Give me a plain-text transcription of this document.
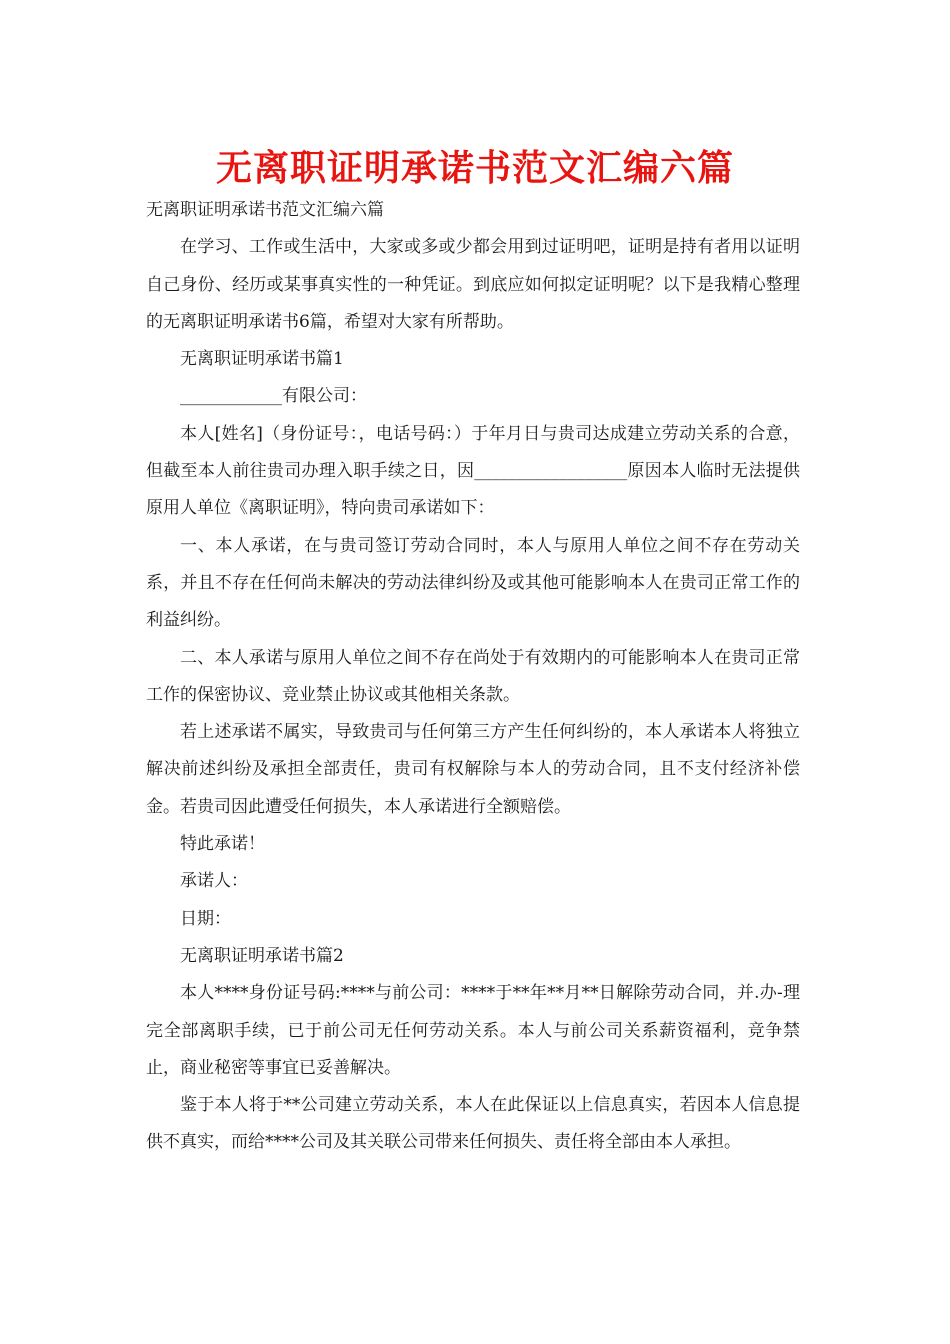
无离职证明承诺书范文汇编六篇

无离职证明承诺书范文汇编六篇

在学习、工作或生活中，大家或多或少都会用到过证明吧，证明是持有者用以证明自己身份、经历或某事真实性的一种凭证。到底应如何拟定证明呢？以下是我精心整理的无离职证明承诺书6篇，希望对大家有所帮助。

无离职证明承诺书篇1

____________有限公司：

本人[姓名]（身份证号：，电话号码：）于年月日与贵司达成建立劳动关系的合意，但截至本人前往贵司办理入职手续之日，因__________________原因本人临时无法提供原用人单位《离职证明》，特向贵司承诺如下：

一、本人承诺，在与贵司签订劳动合同时，本人与原用人单位之间不存在劳动关系，并且不存在任何尚未解决的劳动法律纠纷及或其他可能影响本人在贵司正常工作的利益纠纷。

二、本人承诺与原用人单位之间不存在尚处于有效期内的可能影响本人在贵司正常工作的保密协议、竞业禁止协议或其他相关条款。

若上述承诺不属实，导致贵司与任何第三方产生任何纠纷的，本人承诺本人将独立解决前述纠纷及承担全部责任，贵司有权解除与本人的劳动合同，且不支付经济补偿金。若贵司因此遭受任何损失，本人承诺进行全额赔偿。

特此承诺！

承诺人：

日期：

无离职证明承诺书篇2

本人****身份证号码:****与前公司：****于**年**月**日解除劳动合同，并.办-理完全部离职手续，已于前公司无任何劳动关系。本人与前公司关系薪资福利，竞争禁止，商业秘密等事宜已妥善解决。

鉴于本人将于**公司建立劳动关系，本人在此保证以上信息真实，若因本人信息提供不真实，而给****公司及其关联公司带来任何损失、责任将全部由本人承担。
